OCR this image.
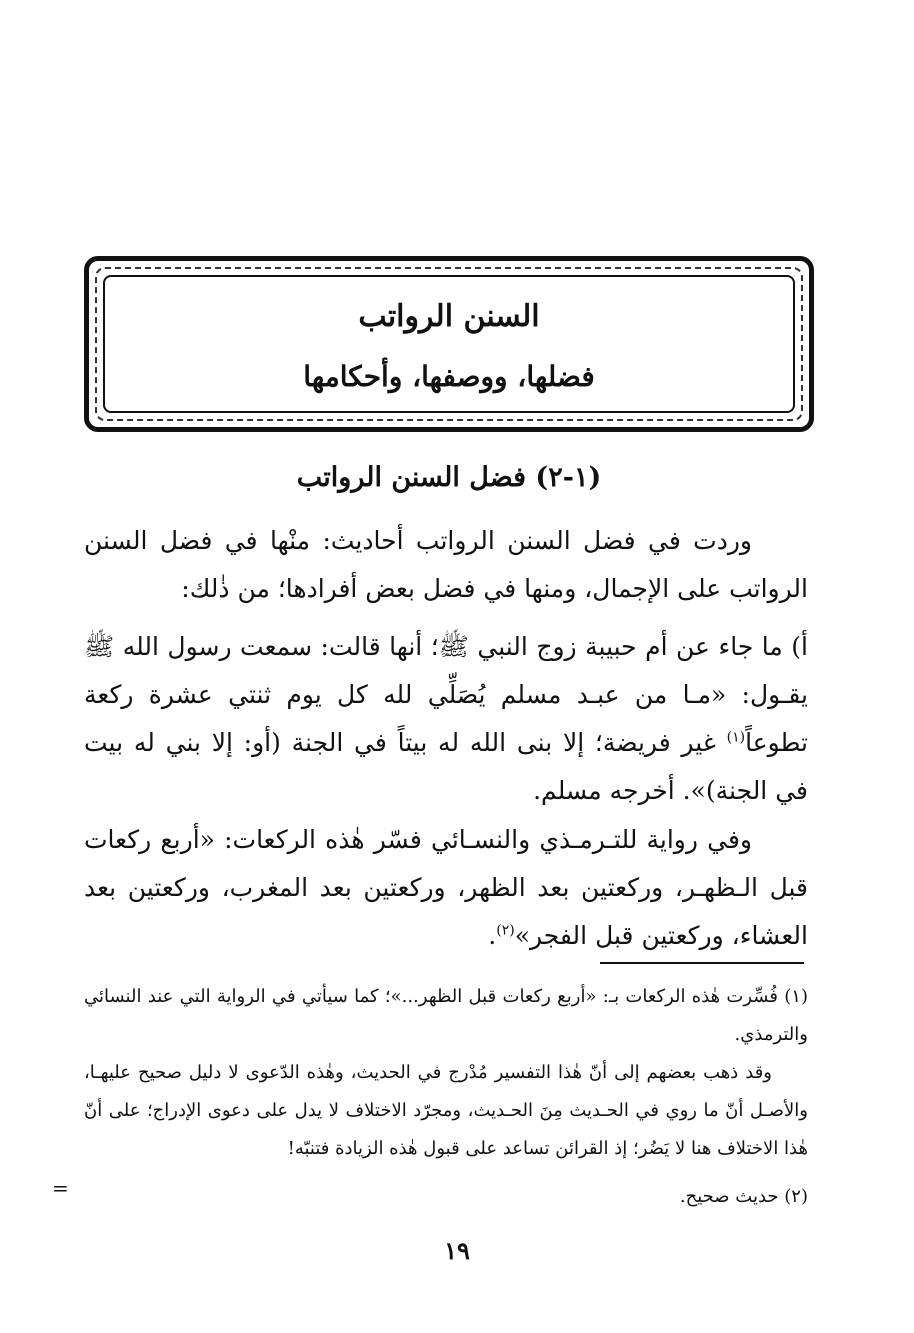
السنن الرواتب
فضلها، ووصفها، وأحكامها
(١-٢) فضل السنن الرواتب
وردت في فضل السنن الرواتب أحاديث: منْها في فضل السنن الرواتب على الإجمال، ومنها في فضل بعض أفرادها؛ من ذٰلك:
أ) ما جاء عن أم حبيبة زوج النبي ﷺ؛ أنها قالت: سمعت رسول الله ﷺ يقـول: «مـا من عبـد مسلم يُصَلِّي لله كل يوم ثنتي عشرة ركعة تطوعاً$^{(١)}$ غير فريضة؛ إلا بنى الله له بيتاً في الجنة (أو: إلا بني له بيت في الجنة)». أخرجه مسلم.
وفي رواية للتـرمـذي والنسـائي فسّر هٰذه الركعات: «أربع ركعات قبل الـظهـر، وركعتين بعد الظهر، وركعتين بعد المغرب، وركعتين بعد العشاء، وركعتين قبل الفجر»$^{(٢)}$.
(١) فُسِّرت هٰذه الركعات بـ: «أربع ركعات قبل الظهر...»؛ كما سيأتي في الرواية التي عند النسائي والترمذي.
وقد ذهب بعضهم إلى أنّ هٰذا التفسير مُدْرج في الحديث، وهٰذه الدّعوى لا دليل صحيح عليهـا، والأصـل أنّ ما روي في الحـديث مِنَ الحـديث، ومجرّد الاختلاف لا يدل على دعوى الإدراج؛ على أنّ هٰذا الاختلاف هنا لا يَضُر؛ إذ القرائن تساعد على قبول هٰذه الزيادة فتنبّه!
(٢) حديث صحيح.
=
١٩
